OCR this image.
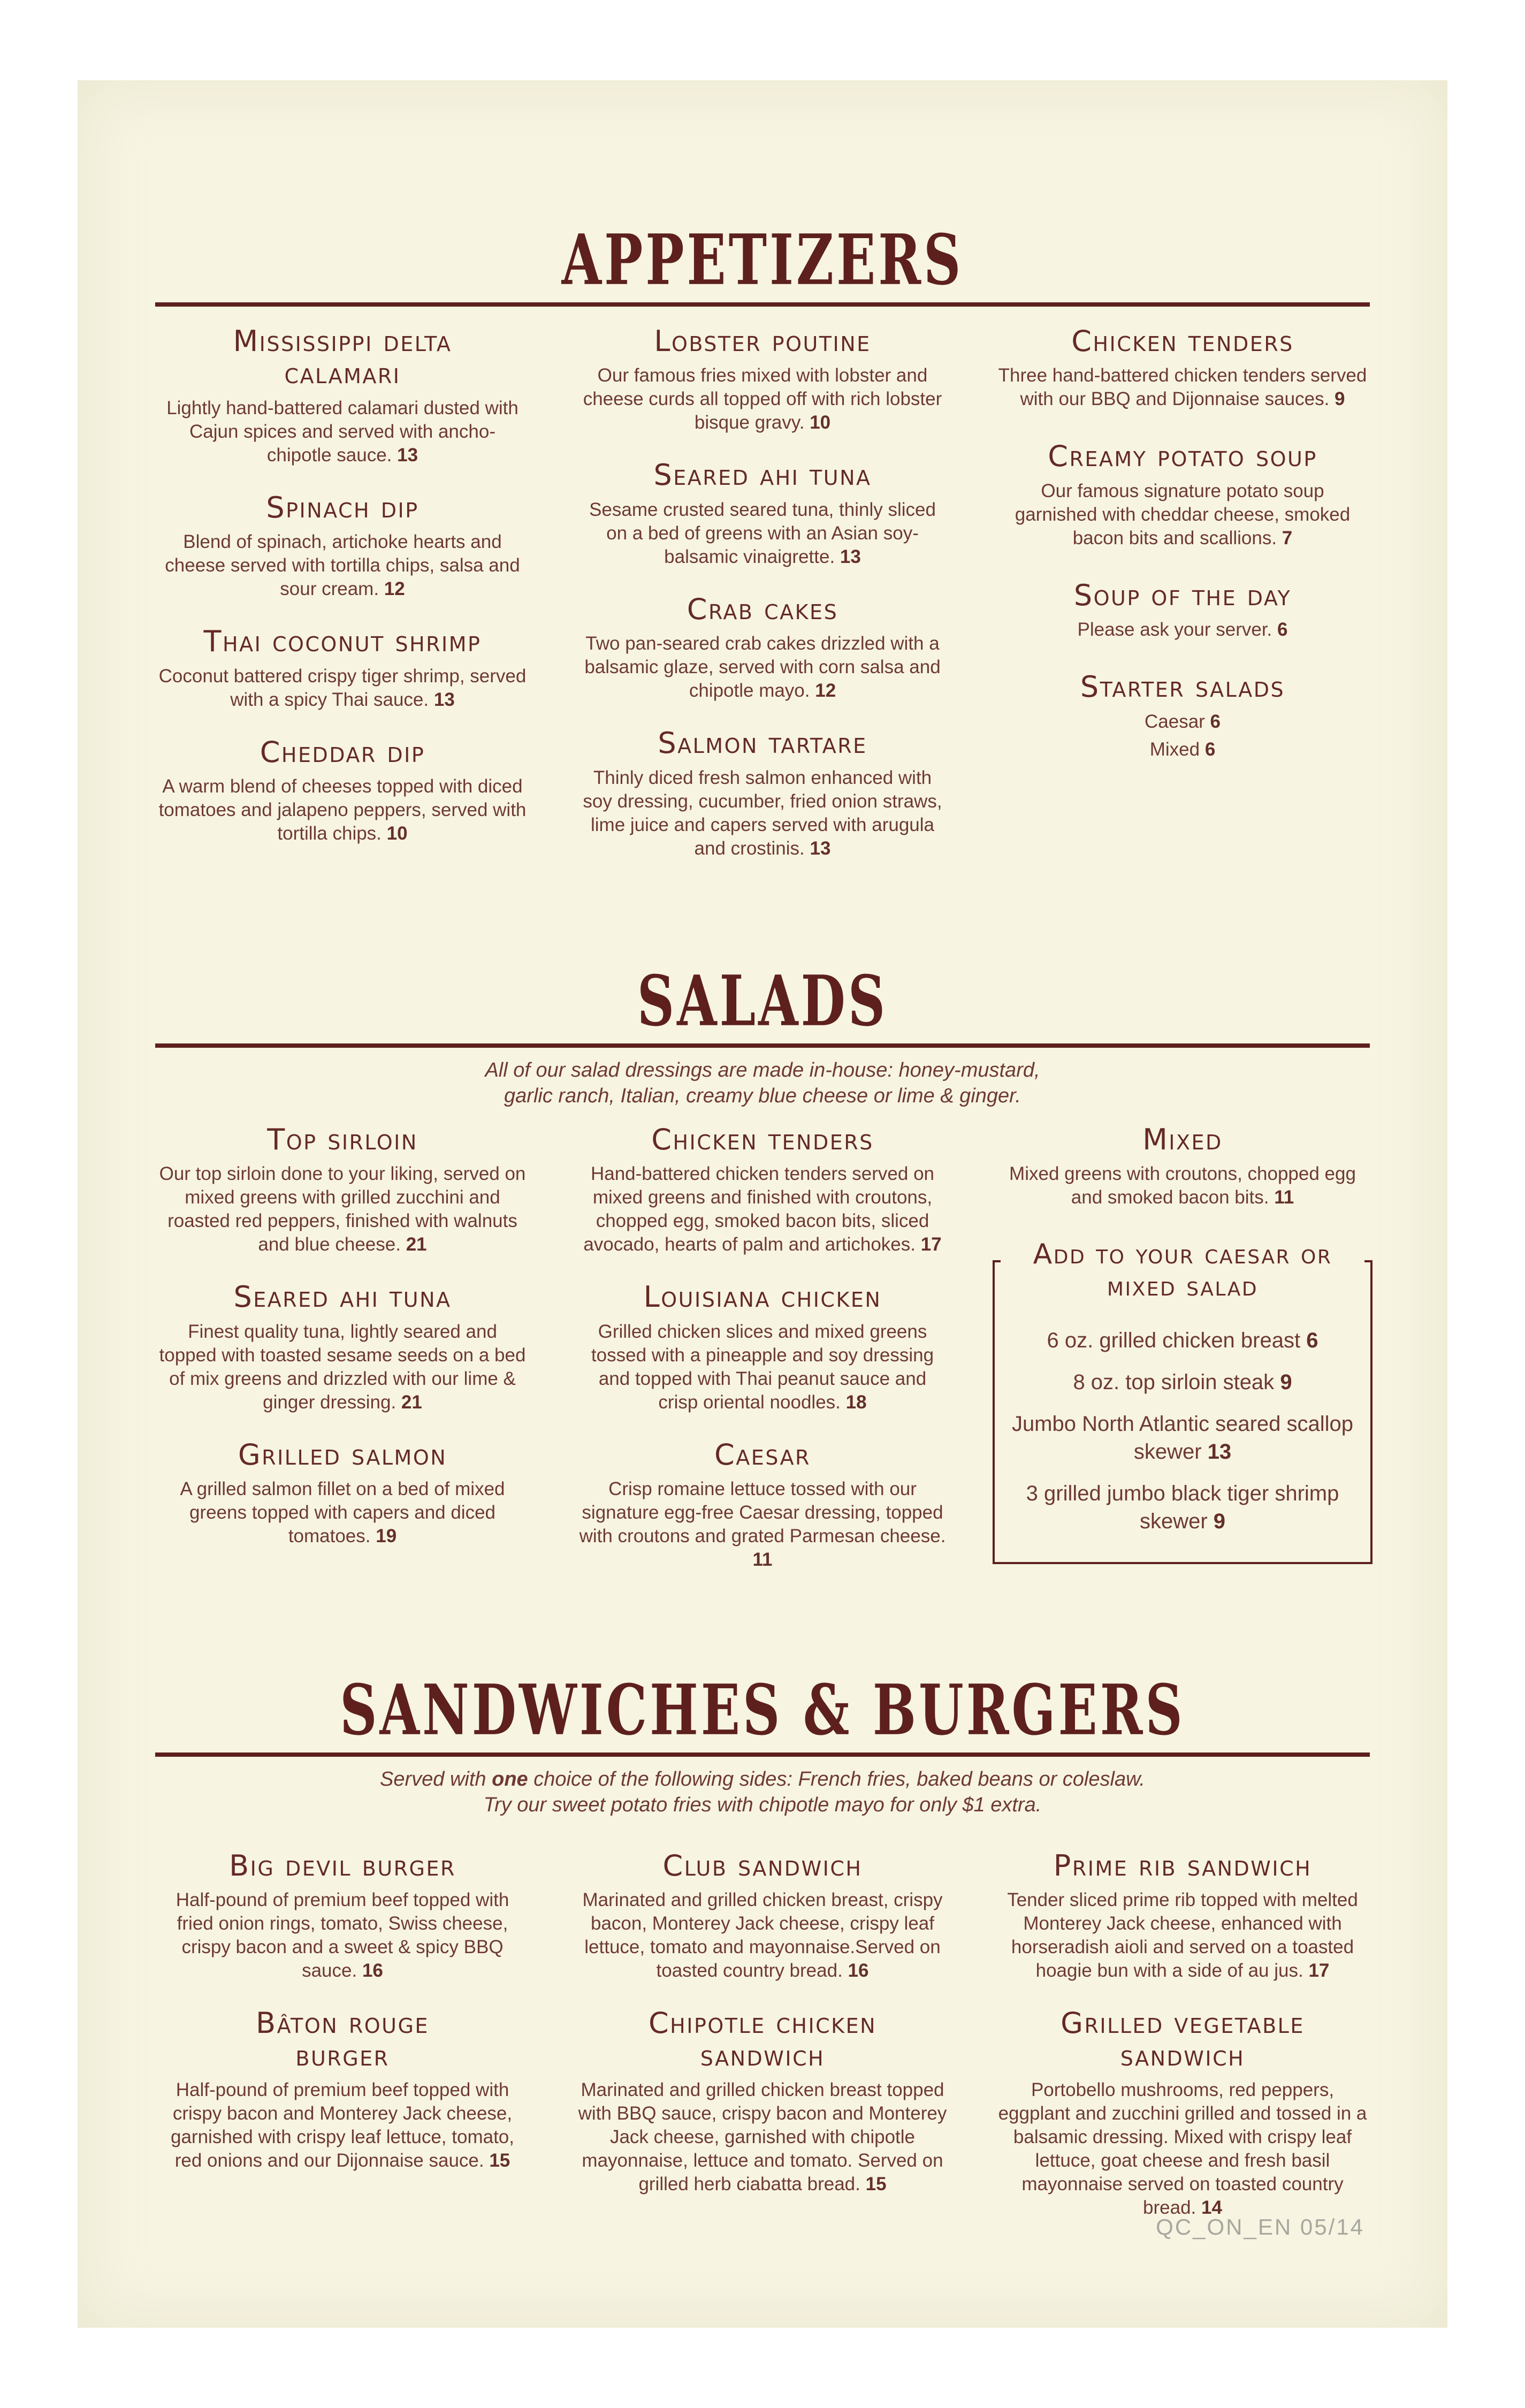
APPETIZERS
Mississippi delta calamari

Lightly hand-battered calamari dusted with Cajun spices and served with ancho-chipotle sauce. 13

Spinach dip

Blend of spinach, artichoke hearts and cheese served with tortilla chips, salsa and sour cream. 12

Thai coconut shrimp

Coconut battered crispy tiger shrimp, served with a spicy Thai sauce. 13

Cheddar dip

A warm blend of cheeses topped with diced tomatoes and jalapeno peppers, served with tortilla chips. 10

Lobster poutine

Our famous fries mixed with lobster and cheese curds all topped off with rich lobster bisque gravy. 10

Seared ahi tuna

Sesame crusted seared tuna, thinly sliced on a bed of greens with an Asian soy-balsamic vinaigrette. 13

Crab cakes

Two pan-seared crab cakes drizzled with a balsamic glaze, served with corn salsa and chipotle mayo. 12

Salmon tartare

Thinly diced fresh salmon enhanced with soy dressing, cucumber, fried onion straws, lime juice and capers served with arugula and crostinis. 13

Chicken tenders

Three hand-battered chicken tenders served with our BBQ and Dijonnaise sauces. 9

Creamy potato soup

Our famous signature potato soup garnished with cheddar cheese, smoked bacon bits and scallions. 7

Soup of the day

Please ask your server. 6

Starter salads

Caesar 6

Mixed 6

SALADS

All of our salad dressings are made in-house: honey-mustard,
garlic ranch, Italian, creamy blue cheese or lime & ginger.

Top sirloin

Our top sirloin done to your liking, served on mixed greens with grilled zucchini and roasted red peppers, finished with walnuts and blue cheese. 21

Seared ahi tuna

Finest quality tuna, lightly seared and topped with toasted sesame seeds on a bed of mix greens and drizzled with our lime & ginger dressing. 21

Grilled salmon

A grilled salmon fillet on a bed of mixed greens topped with capers and diced tomatoes. 19

Chicken tenders

Hand-battered chicken tenders served on mixed greens and finished with croutons, chopped egg, smoked bacon bits, sliced avocado, hearts of palm and artichokes. 17

Louisiana chicken

Grilled chicken slices and mixed greens tossed with a pineapple and soy dressing and topped with Thai peanut sauce and crisp oriental noodles. 18

Caesar

Crisp romaine lettuce tossed with our signature egg-free Caesar dressing, topped with croutons and grated Parmesan cheese. 11

Mixed

Mixed greens with croutons, chopped egg and smoked bacon bits. 11

Add to your caesar or mixed salad

6 oz. grilled chicken breast 6

8 oz. top sirloin steak 9

Jumbo North Atlantic seared scallop skewer 13

3 grilled jumbo black tiger shrimp skewer 9

SANDWICHES & BURGERS

Served with one choice of the following sides: French fries, baked beans or coleslaw.
Try our sweet potato fries with chipotle mayo for only $1 extra.

Big devil burger

Half-pound of premium beef topped with fried onion rings, tomato, Swiss cheese, crispy bacon and a sweet & spicy BBQ sauce. 16

Bâton rouge burger

Half-pound of premium beef topped with crispy bacon and Monterey Jack cheese, garnished with crispy leaf lettuce, tomato, red onions and our Dijonnaise sauce. 15

Club sandwich

Marinated and grilled chicken breast, crispy bacon, Monterey Jack cheese, crispy leaf lettuce, tomato and mayonnaise.Served on toasted country bread. 16

Chipotle chicken sandwich

Marinated and grilled chicken breast topped with BBQ sauce, crispy bacon and Monterey Jack cheese, garnished with chipotle mayonnaise, lettuce and tomato. Served on grilled herb ciabatta bread. 15

Prime rib sandwich

Tender sliced prime rib topped with melted Monterey Jack cheese, enhanced with horseradish aioli and served on a toasted hoagie bun with a side of au jus. 17

Grilled vegetable sandwich

Portobello mushrooms, red peppers, eggplant and zucchini grilled and tossed in a balsamic dressing. Mixed with crispy leaf lettuce, goat cheese and fresh basil mayonnaise served on toasted country bread. 14

QC_ON_EN 05/14
